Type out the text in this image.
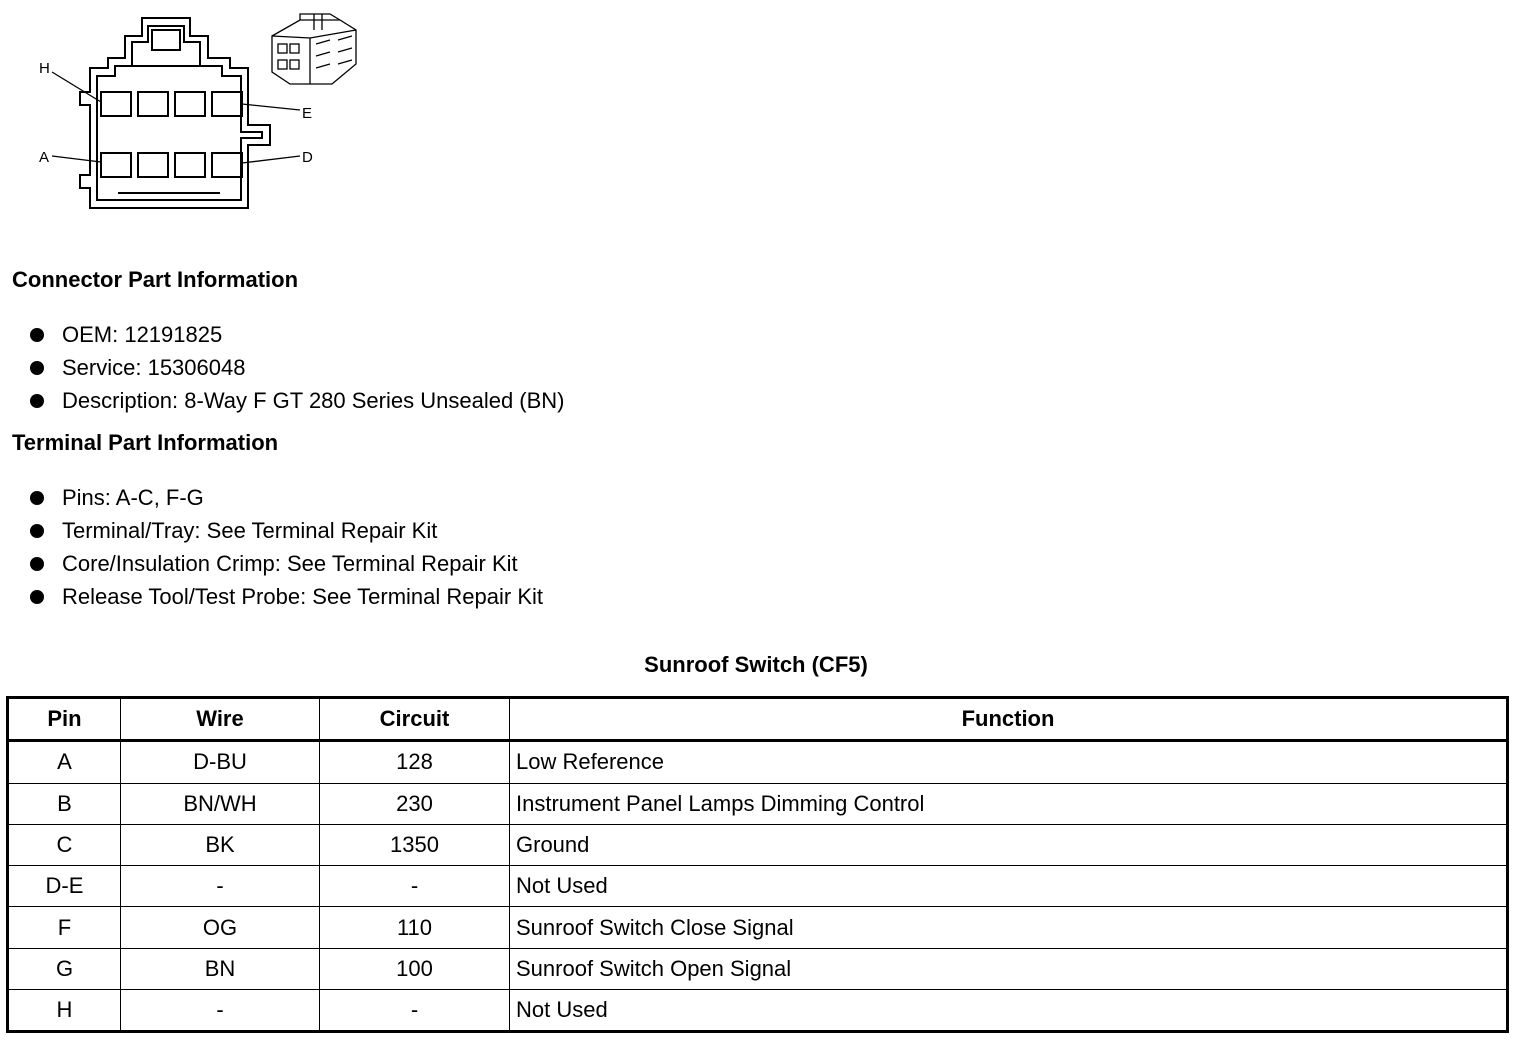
H
E
A	D
Connector Part Information
OEM: 12191825
Service: 15306048
Description: 8-Way F GT 280 Series Unsealed (BN)
Terminal Part Information
Pins: A-C, F-G
Terminal/Tray: See Terminal Repair Kit
Core/Insulation Crimp: See Terminal Repair Kit
Release Tool/Test Probe: See Terminal Repair Kit
Sunroof Switch (CF5)
Pin	Wire	Circuit	Function
A	D-BU	128	Low Reference
B	BN/WH	230	Instrument Panel Lamps Dimming Control
C	BK	1350	Ground
D-E	-	-	Not Used
F	OG	110	Sunroof Switch Close Signal
G	BN	100	Sunroof Switch Open Signal
H	-	-	Not Used
